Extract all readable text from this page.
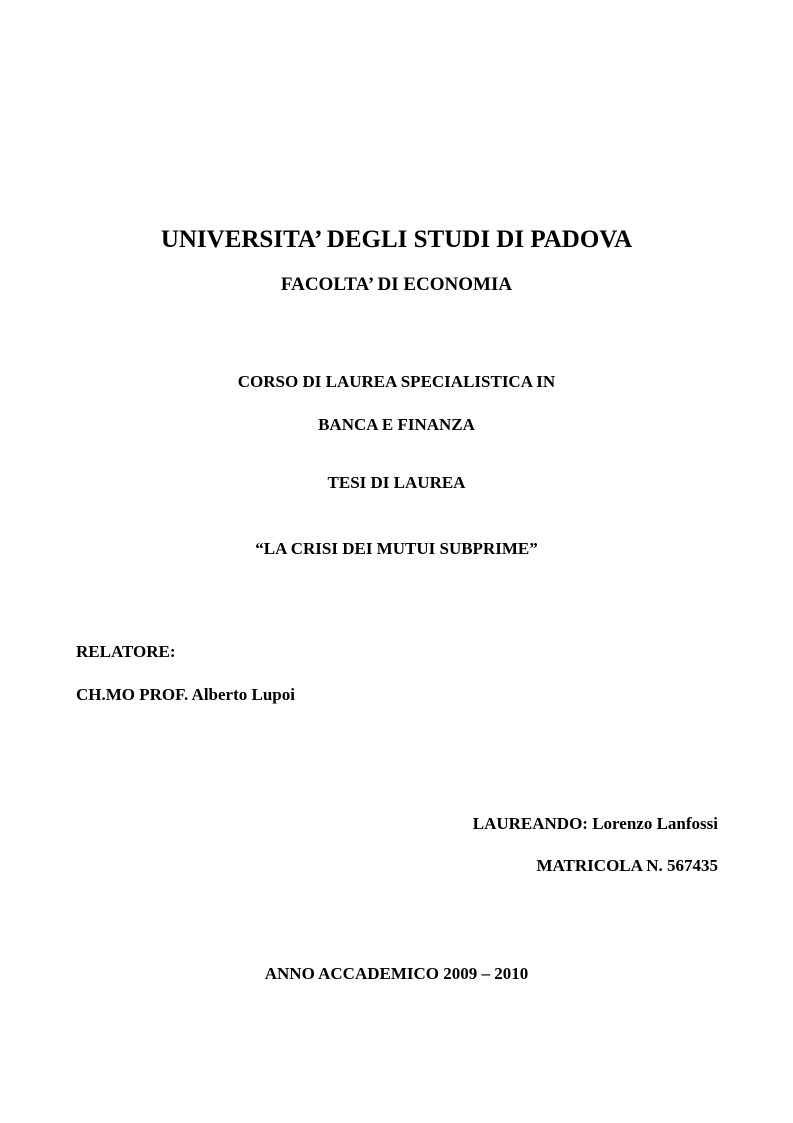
UNIVERSITA’ DEGLI STUDI DI PADOVA
FACOLTA’ DI ECONOMIA
CORSO DI LAUREA SPECIALISTICA IN
BANCA E FINANZA
TESI DI LAUREA
“LA CRISI DEI MUTUI SUBPRIME”
RELATORE:
CH.MO PROF. Alberto Lupoi
LAUREANDO: Lorenzo Lanfossi
MATRICOLA N. 567435
ANNO ACCADEMICO 2009 – 2010
